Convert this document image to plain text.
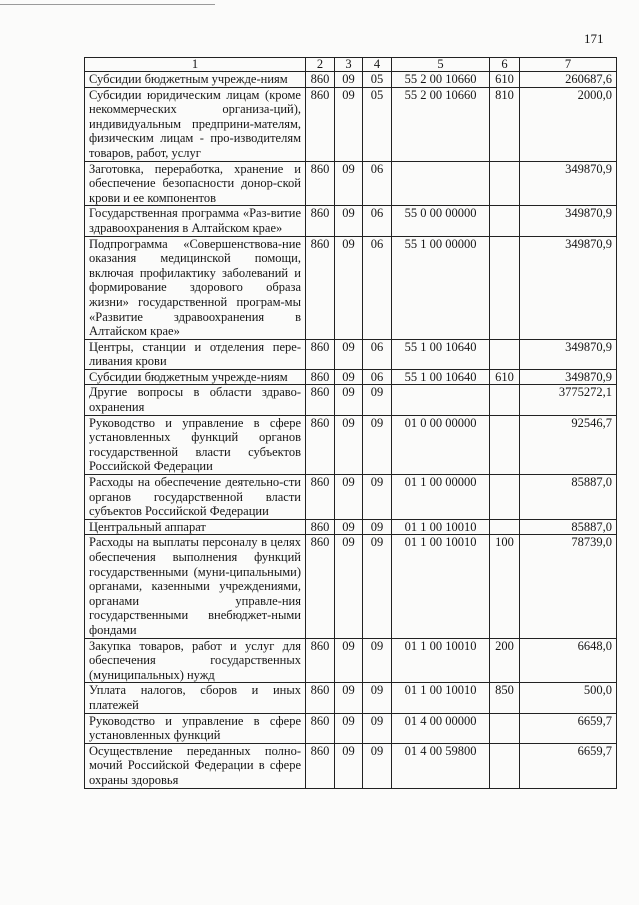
171
1	2	3	4	5	6	7
Субсидии бюджетным учрежде-ниям	860	09	05	55 2 00 10660	610	260687,6
Субсидии юридическим лицам (кроме некоммерческих организа-ций), индивидуальным предприни-мателям, физическим лицам - про-изводителям товаров, работ, услуг	860	09	05	55 2 00 10660	810	2000,0
Заготовка, переработка, хранение и обеспечение безопасности донор-ской крови и ее компонентов	860	09	06			349870,9
Государственная программа «Раз-витие здравоохранения в Алтайском крае»	860	09	06	55 0 00 00000		349870,9
Подпрограмма «Совершенствова-ние оказания медицинской помощи, включая профилактику заболеваний и формирование здорового образа жизни» государственной програм-мы «Развитие здравоохранения в Алтайском крае»	860	09	06	55 1 00 00000		349870,9
Центры, станции и отделения пере-ливания крови	860	09	06	55 1 00 10640		349870,9
Субсидии бюджетным учрежде-ниям	860	09	06	55 1 00 10640	610	349870,9
Другие вопросы в области здраво-охранения	860	09	09			3775272,1
Руководство и управление в сфере установленных функций органов государственной власти субъектов Российской Федерации	860	09	09	01 0 00 00000		92546,7
Расходы на обеспечение деятельно-сти органов государственной власти субъектов Российской Федерации	860	09	09	01 1 00 00000		85887,0
Центральный аппарат	860	09	09	01 1 00 10010		85887,0
Расходы на выплаты персоналу в целях обеспечения выполнения функций государственными (муни-ципальными) органами, казенными учреждениями, органами управле-ния государственными внебюджет-ными фондами	860	09	09	01 1 00 10010	100	78739,0
Закупка товаров, работ и услуг для обеспечения государственных (муниципальных) нужд	860	09	09	01 1 00 10010	200	6648,0
Уплата налогов, сборов и иных платежей	860	09	09	01 1 00 10010	850	500,0
Руководство и управление в сфере установленных функций	860	09	09	01 4 00 00000		6659,7
Осуществление переданных полно-мочий Российской Федерации в сфере охраны здоровья	860	09	09	01 4 00 59800		6659,7
